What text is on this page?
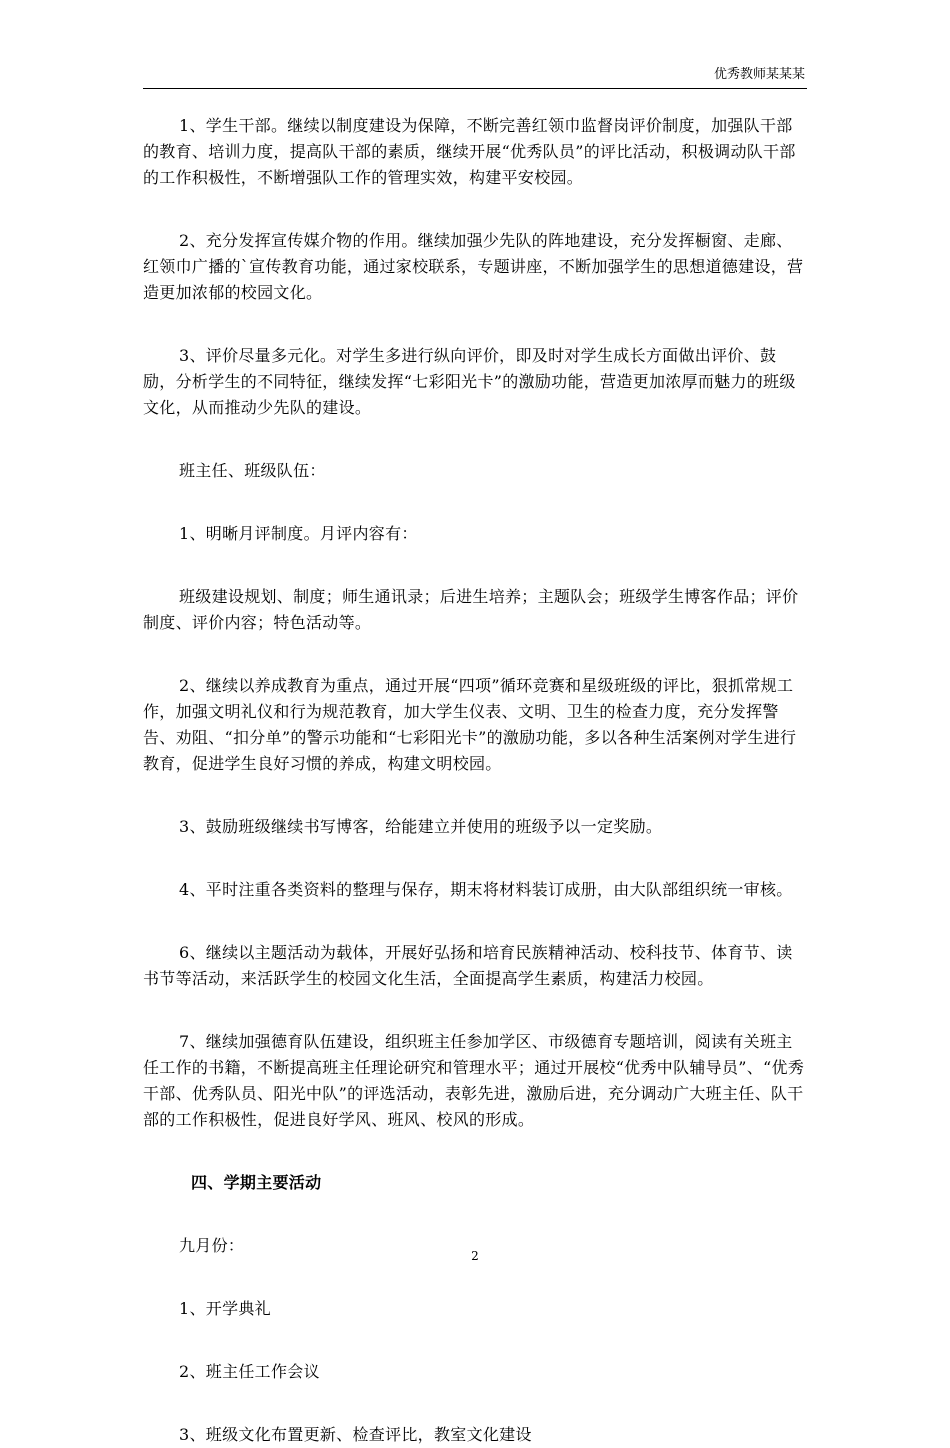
优秀教师某某某

1、学生干部。继续以制度建设为保障，不断完善红领巾监督岗评价制度，加强队干部的教育、培训力度，提高队干部的素质，继续开展“优秀队员”的评比活动，积极调动队干部的工作积极性，不断增强队工作的管理实效，构建平安校园。

2、充分发挥宣传媒介物的作用。继续加强少先队的阵地建设，充分发挥橱窗、走廊、红领巾广播的`宣传教育功能，通过家校联系，专题讲座，不断加强学生的思想道德建设，营造更加浓郁的校园文化。

3、评价尽量多元化。对学生多进行纵向评价，即及时对学生成长方面做出评价、鼓励，分析学生的不同特征，继续发挥“七彩阳光卡”的激励功能，营造更加浓厚而魅力的班级文化，从而推动少先队的建设。

班主任、班级队伍：

1、明晰月评制度。月评内容有：

班级建设规划、制度；师生通讯录；后进生培养；主题队会；班级学生博客作品；评价制度、评价内容；特色活动等。

2、继续以养成教育为重点，通过开展“四项”循环竞赛和星级班级的评比，狠抓常规工作，加强文明礼仪和行为规范教育，加大学生仪表、文明、卫生的检查力度，充分发挥警告、劝阻、“扣分单”的警示功能和“七彩阳光卡”的激励功能，多以各种生活案例对学生进行教育，促进学生良好习惯的养成，构建文明校园。

3、鼓励班级继续书写博客，给能建立并使用的班级予以一定奖励。

4、平时注重各类资料的整理与保存，期末将材料装订成册，由大队部组织统一审核。

6、继续以主题活动为载体，开展好弘扬和培育民族精神活动、校科技节、体育节、读书节等活动，来活跃学生的校园文化生活，全面提高学生素质，构建活力校园。

7、继续加强德育队伍建设，组织班主任参加学区、市级德育专题培训，阅读有关班主任工作的书籍，不断提高班主任理论研究和管理水平；通过开展校“优秀中队辅导员”、“优秀干部、优秀队员、阳光中队”的评选活动，表彰先进，激励后进，充分调动广大班主任、队干部的工作积极性，促进良好学风、班风、校风的形成。

四、学期主要活动

九月份：

1、开学典礼

2、班主任工作会议

3、班级文化布置更新、检查评比，教室文化建设

2
